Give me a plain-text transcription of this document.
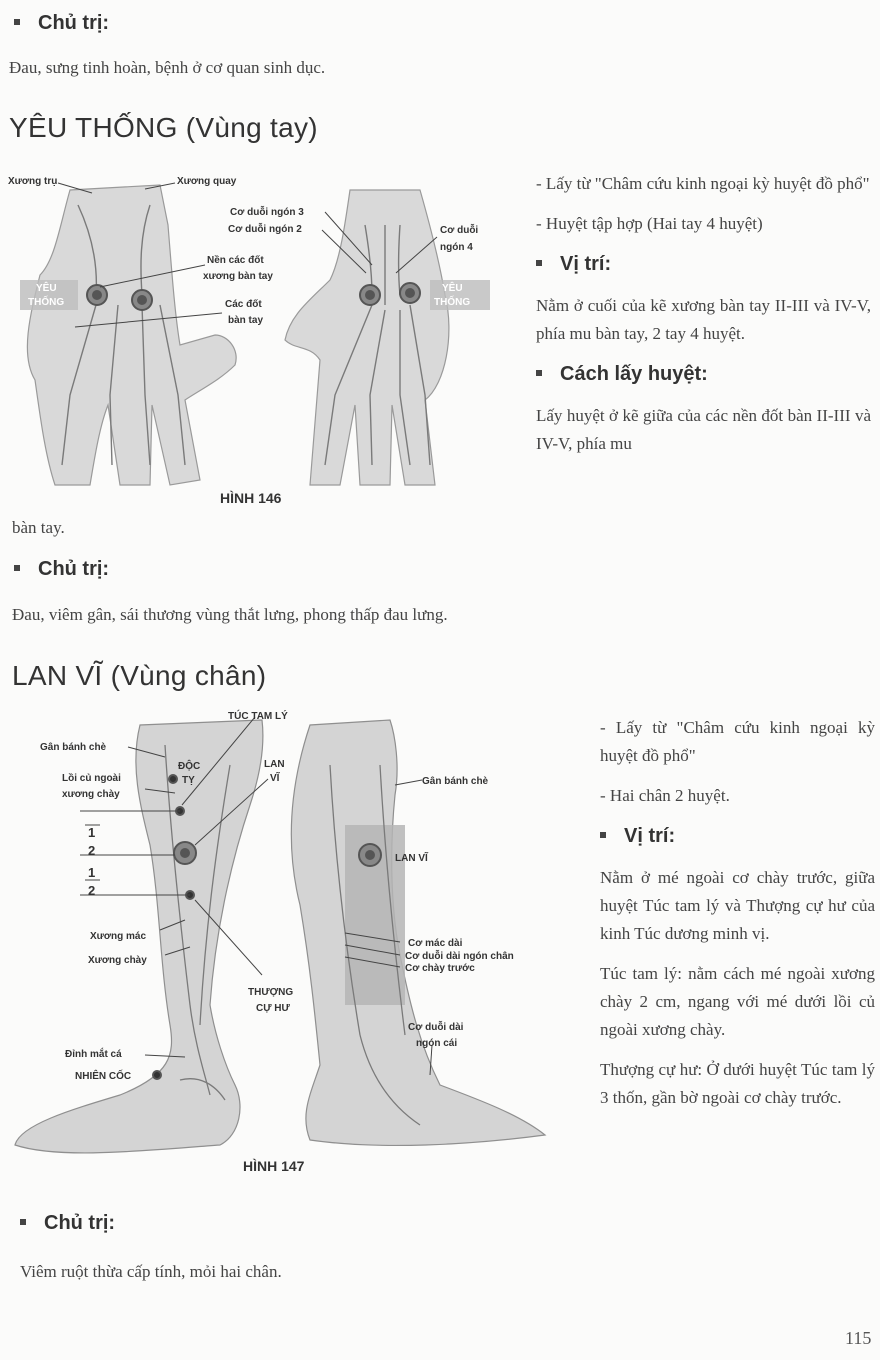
Chủ trị:
Đau, sưng tinh hoàn, bệnh ở cơ quan sinh dục.
YÊU THỐNG (Vùng tay)
Xương trụ	Xương quay
Cơ duỗi ngón 3
Cơ duỗi ngón 2	Cơ duỗi
ngón 4
Nền các đốt
xương bàn tay
Các đốt
bàn tay
YÊU
THỐNG
YÊU
THỐNG
HÌNH 146

- Lấy từ "Châm cứu kinh ngoại kỳ huyệt đồ phổ"

- Huyệt tập hợp (Hai tay 4 huyệt)

Vị trí:

Nằm ở cuối của kẽ xương bàn tay II-III và IV-V, phía mu bàn tay, 2 tay 4 huyệt.

Cách lấy huyệt:

Lấy huyệt ở kẽ giữa của các nền đốt bàn II-III và IV-V, phía mu

bàn tay.
Chủ trị:
Đau, viêm gân, sái thương vùng thắt lưng, phong thấp đau lưng.
LAN VĨ (Vùng chân)
TÚC TAM LÝ
Gân bánh chè
ĐỘC
TỴ
LAN
VĨ
Lồi củ ngoài
xương chày
Gân bánh chè
1
2
1
2
LAN VĨ
Xương mác
Xương chày
Cơ mác dài
Cơ duỗi dài ngón chân
Cơ chày trước
THƯỢNG
CỰ HƯ
Cơ duỗi dài
ngón cái
Đỉnh mắt cá
NHIÊN CỐC
HÌNH 147

- Lấy từ "Châm cứu kinh ngoại kỳ huyệt đồ phổ"

- Hai chân 2 huyệt.

Vị trí:

Nằm ở mé ngoài cơ chày trước, giữa huyệt Túc tam lý và Thượng cự hư của kinh Túc dương minh vị.

Túc tam lý: nằm cách mé ngoài xương chày 2 cm, ngang với mé dưới lồi củ ngoài xương chày.

Thượng cự hư: Ở dưới huyệt Túc tam lý 3 thốn, gần bờ ngoài cơ chày trước.

Chủ trị:
Viêm ruột thừa cấp tính, mỏi hai chân.
115
